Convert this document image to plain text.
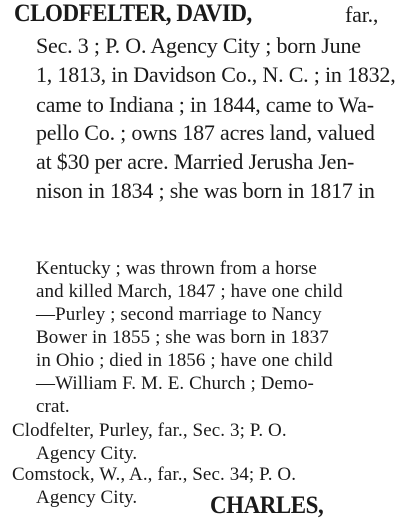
CLODFELTER, DAVID,	far.,
Sec. 3 ; P. O. Agency City ; born June
1, 1813, in Davidson Co., N. C. ; in 1832,
came to Indiana ; in 1844, came to Wa-
pello Co. ; owns 187 acres land, valued
at $30 per acre. Married Jerusha Jen-
nison in 1834 ; she was born in 1817 in
Kentucky ; was thrown from a horse
and killed March, 1847 ; have one child
—Purley ; second marriage to Nancy
Bower in 1855 ; she was born in 1837
in Ohio ; died in 1856 ; have one child
—William F. M. E. Church ; Demo-
crat.
Clodfelter, Purley, far., Sec. 3; P. O.
Agency City.
Comstock, W., A., far., Sec. 34; P. O.
Agency City.	CHARLES,
